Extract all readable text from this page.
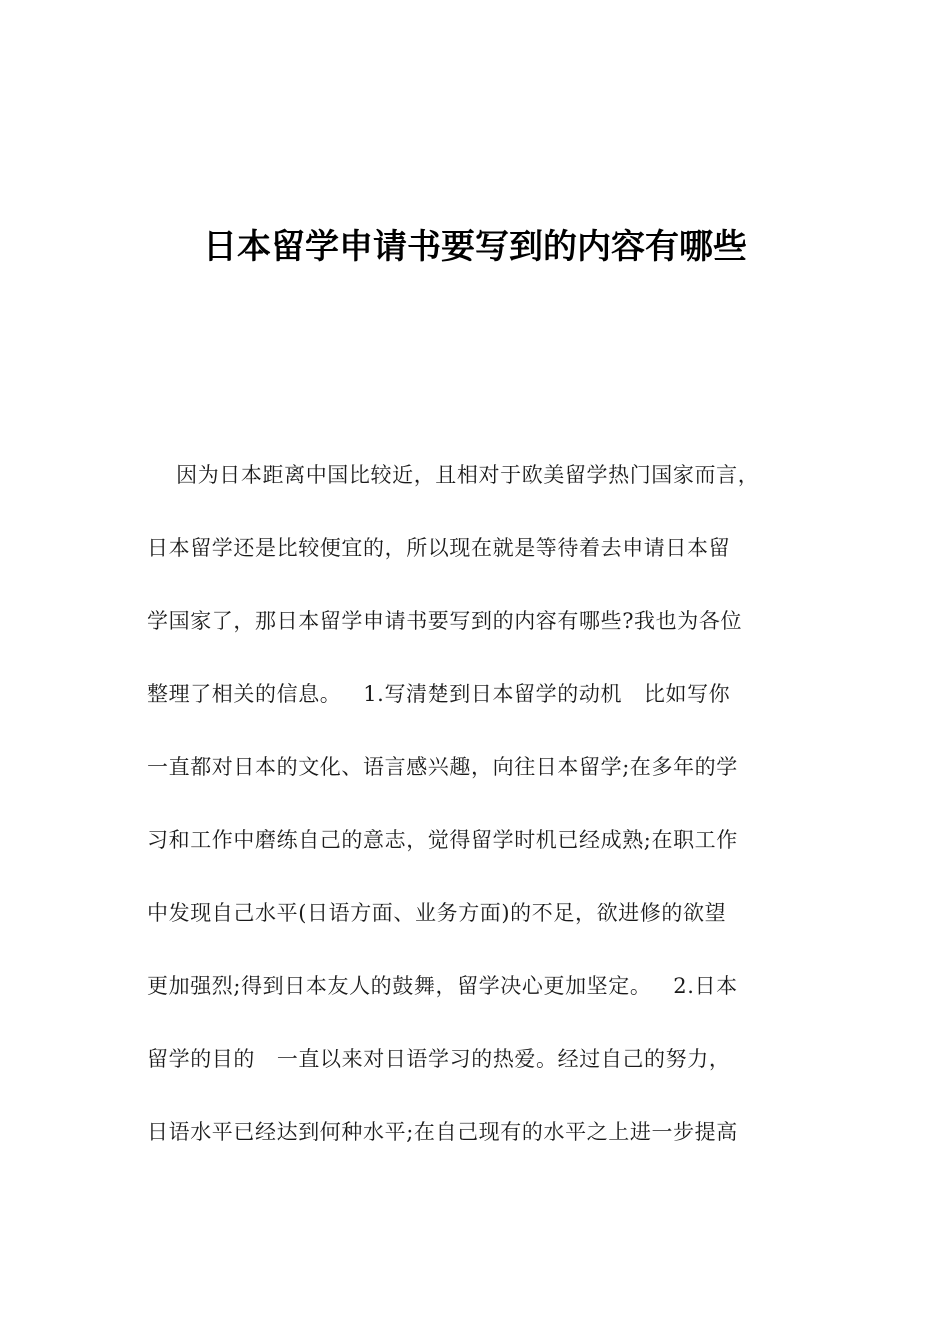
日本留学申请书要写到的内容有哪些
因为日本距离中国比较近，且相对于欧美留学热门国家而言，
日本留学还是比较便宜的，所以现在就是等待着去申请日本留
学国家了，那日本留学申请书要写到的内容有哪些?我也为各位
整理了相关的信息。   1.写清楚到日本留学的动机   比如写你
一直都对日本的文化、语言感兴趣，向往日本留学;在多年的学
习和工作中磨练自己的意志，觉得留学时机已经成熟;在职工作
中发现自己水平(日语方面、业务方面)的不足，欲进修的欲望
更加强烈;得到日本友人的鼓舞，留学决心更加坚定。   2.日本
留学的目的   一直以来对日语学习的热爱。经过自己的努力，
日语水平已经达到何种水平;在自己现有的水平之上进一步提高
